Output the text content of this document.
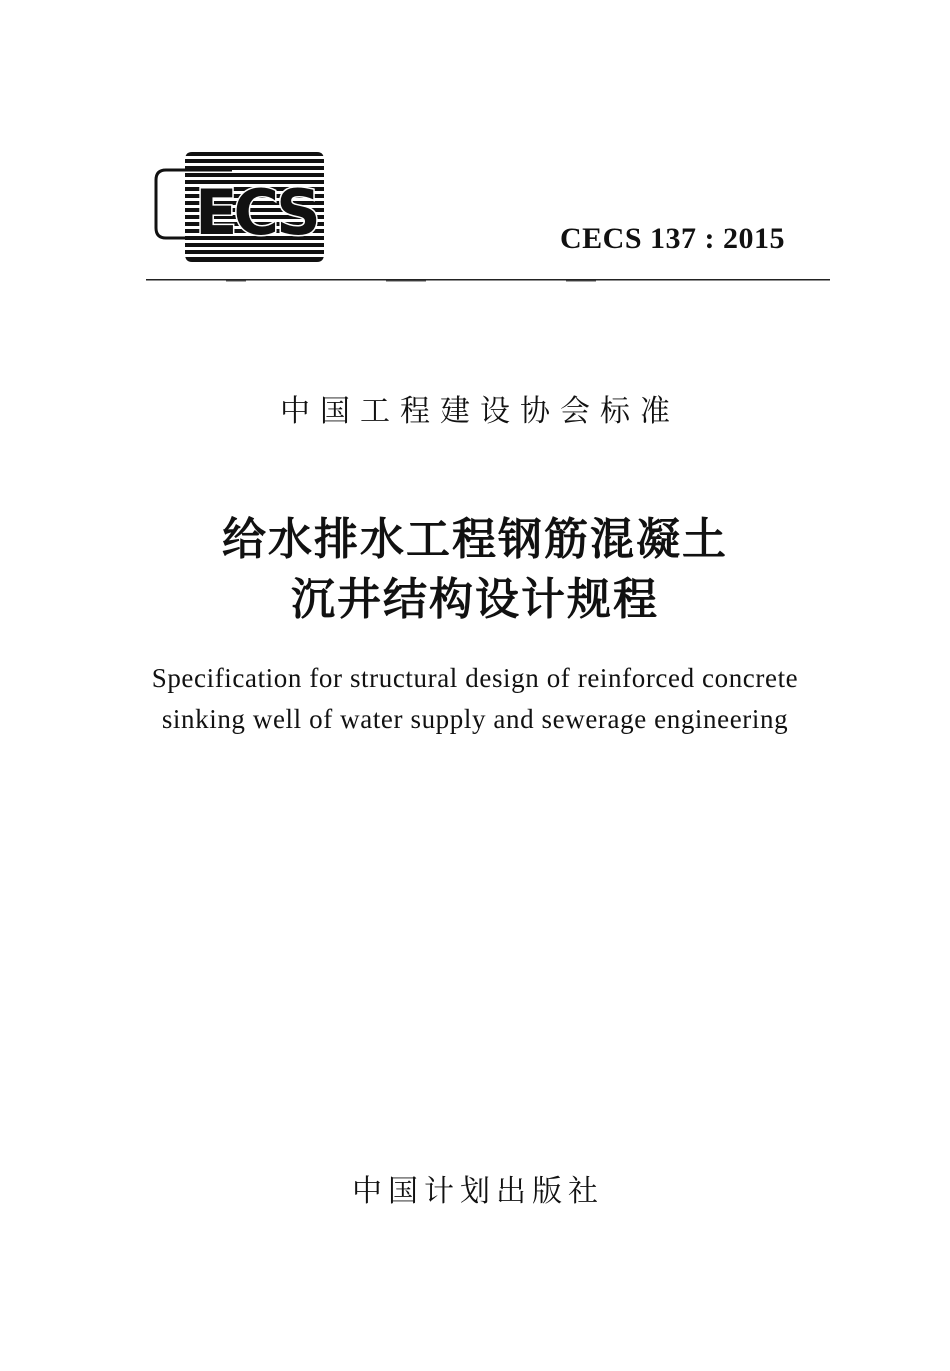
ECS	CECS 137 : 2015
中国工程建设协会标准
给水排水工程钢筋混凝土
沉井结构设计规程
Specification for structural design of reinforced concrete
sinking well of water supply and sewerage engineering
中国计划出版社
